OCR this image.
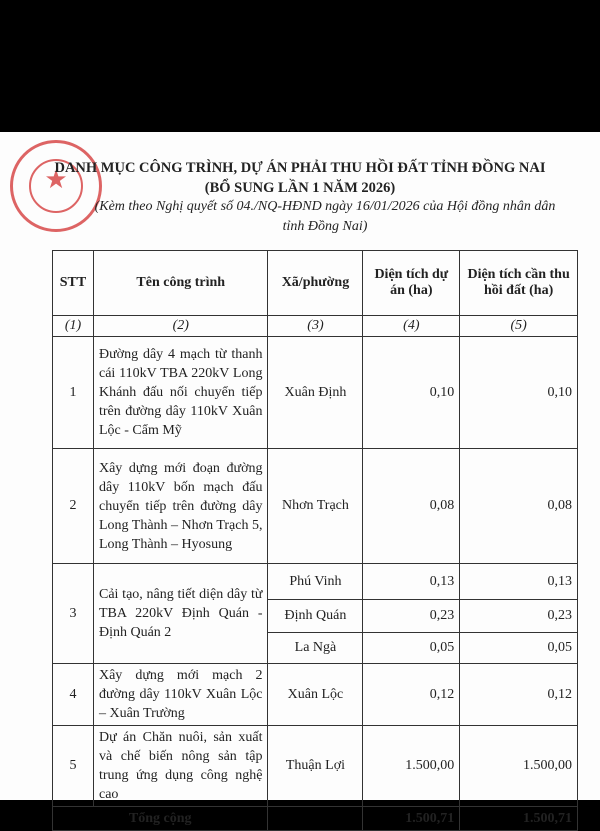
★
DANH MỤC CÔNG TRÌNH, DỰ ÁN PHẢI THU HỒI ĐẤT TỈNH ĐỒNG NAI
(BỔ SUNG LẦN 1 NĂM 2026)
(Kèm theo Nghị quyết số 04./NQ-HĐND ngày 16/01/2026 của Hội đồng nhân dân
tỉnh Đồng Nai)
STT	Tên công trình	Xã/phường	Diện tích dự án (ha)	Diện tích cần thu hồi đất (ha)
(1)	(2)	(3)	(4)	(5)
1	Đường dây 4 mạch từ thanh cái 110kV TBA 220kV Long Khánh đấu nối chuyển tiếp trên đường dây 110kV Xuân Lộc - Cẩm Mỹ	Xuân Định	0,10	0,10
2	Xây dựng mới đoạn đường dây 110kV bốn mạch đấu chuyển tiếp trên đường dây Long Thành – Nhơn Trạch 5, Long Thành – Hyosung	Nhơn Trạch	0,08	0,08
3	Cải tạo, nâng tiết diện dây từ TBA 220kV Định Quán - Định Quán 2	Phú Vinh	0,13	0,13
		Định Quán	0,23	0,23
		La Ngà	0,05	0,05
4	Xây dựng mới mạch 2 đường dây 110kV Xuân Lộc – Xuân Trường	Xuân Lộc	0,12	0,12
5	Dự án Chăn nuôi, sản xuất và chế biến nông sản tập trung ứng dụng công nghệ cao	Thuận Lợi	1.500,00	1.500,00
Tổng cộng			1.500,71	1.500,71
